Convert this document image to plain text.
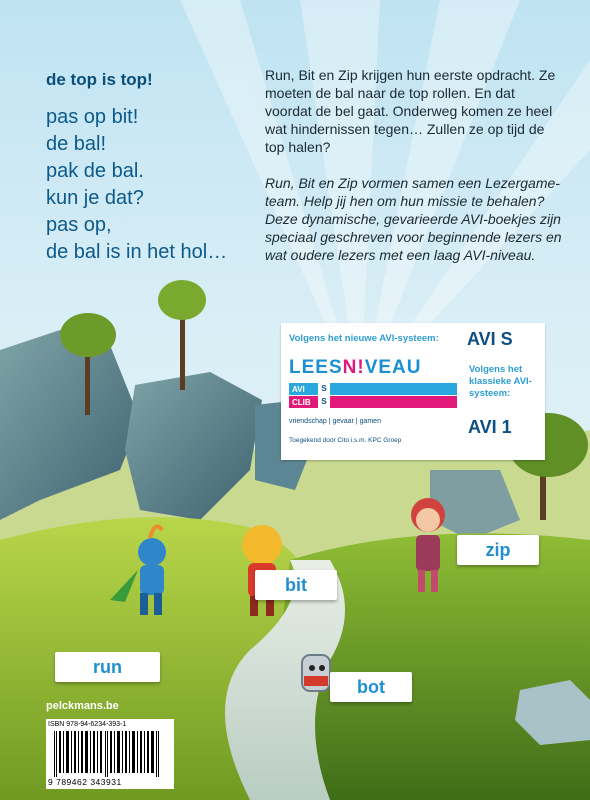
de top is top!
pas op bit!
de bal!
pak de bal.
kun je dat?
pas op,
de bal is in het hol…

Run, Bit en Zip krijgen hun eerste opdracht. Ze moeten de bal naar de top rollen. En dat voordat de bel gaat. Onderweg komen ze heel wat hindernissen tegen… Zullen ze op tijd de top halen?

Run, Bit en Zip vormen samen een Lezergame-team. Help jij hen om hun missie te behalen? Deze dynamische, gevarieerde AVI-boekjes zijn speciaal geschreven voor beginnende lezers en wat oudere lezers met een laag AVI-niveau.

Volgens het nieuwe AVI-systeem: AVI S
LEESN!VEAU	Volgens het klassieke AVI-systeem:
AVI 1
AVI	S
CLIB	S
vriendschap | gevaar | gamen
Toegekend door Cito i.s.m. KPC Groep
run
bit
zip
bot
pelckmans.be
ISBN 978-94-6234-393-1
9 789462 343931
